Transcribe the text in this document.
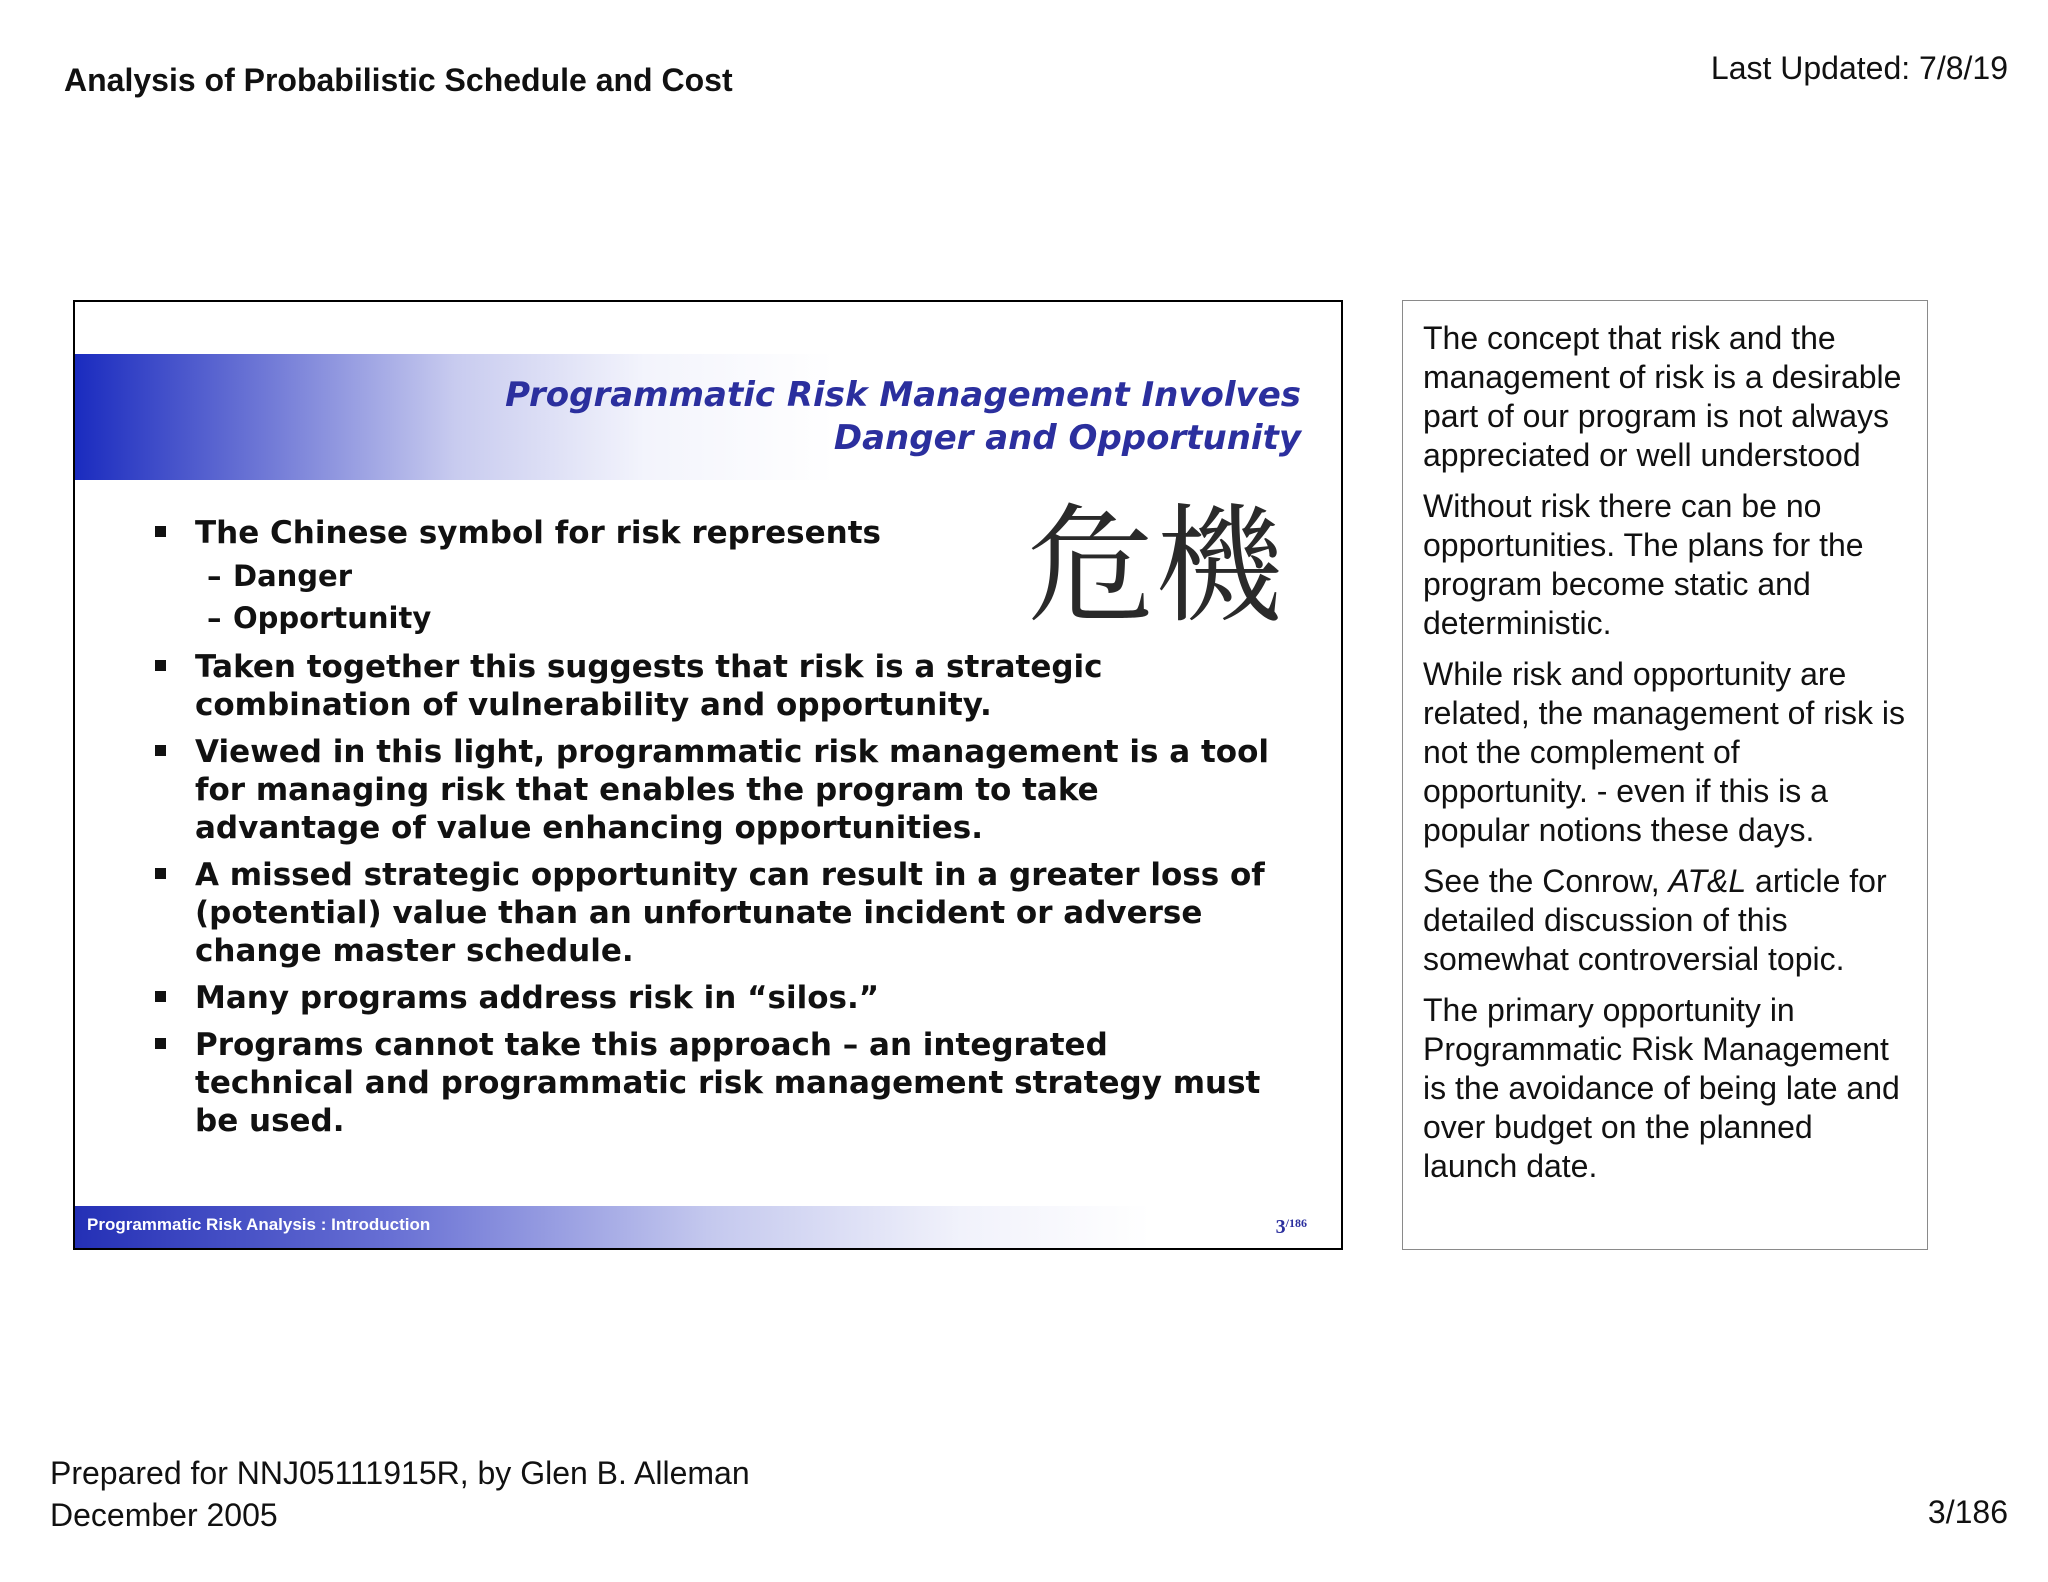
Analysis of Probabilistic Schedule and Cost	Last Updated: 7/8/19
Programmatic Risk Management Involves
Danger and Opportunity
危機
The Chinese symbol for risk represents
– Danger
– Opportunity
Taken together this suggests that risk is a strategic combination of vulnerability and opportunity.
Viewed in this light, programmatic risk management is a tool for managing risk that enables the program to take advantage of value enhancing opportunities.
A missed strategic opportunity can result in a greater loss of (potential) value than an unfortunate incident or adverse change master schedule.
Many programs address risk in “silos.”
Programs cannot take this approach – an integrated technical and programmatic risk management strategy must be used.
Programmatic Risk Analysis : Introduction	$3^{/186}$

The concept that risk and the management of risk is a desirable part of our program is not always appreciated or well understood

Without risk there can be no opportunities. The plans for the program become static and deterministic.

While risk and opportunity are related, the management of risk is not the complement of opportunity. - even if this is a popular notions these days.

See the Conrow, AT&L article for detailed discussion of this somewhat controversial topic.

The primary opportunity in Programmatic Risk Management is the avoidance of being late and over budget on the planned launch date.

Prepared for NNJ05111915R, by Glen B. Alleman
December 2005	3/186
